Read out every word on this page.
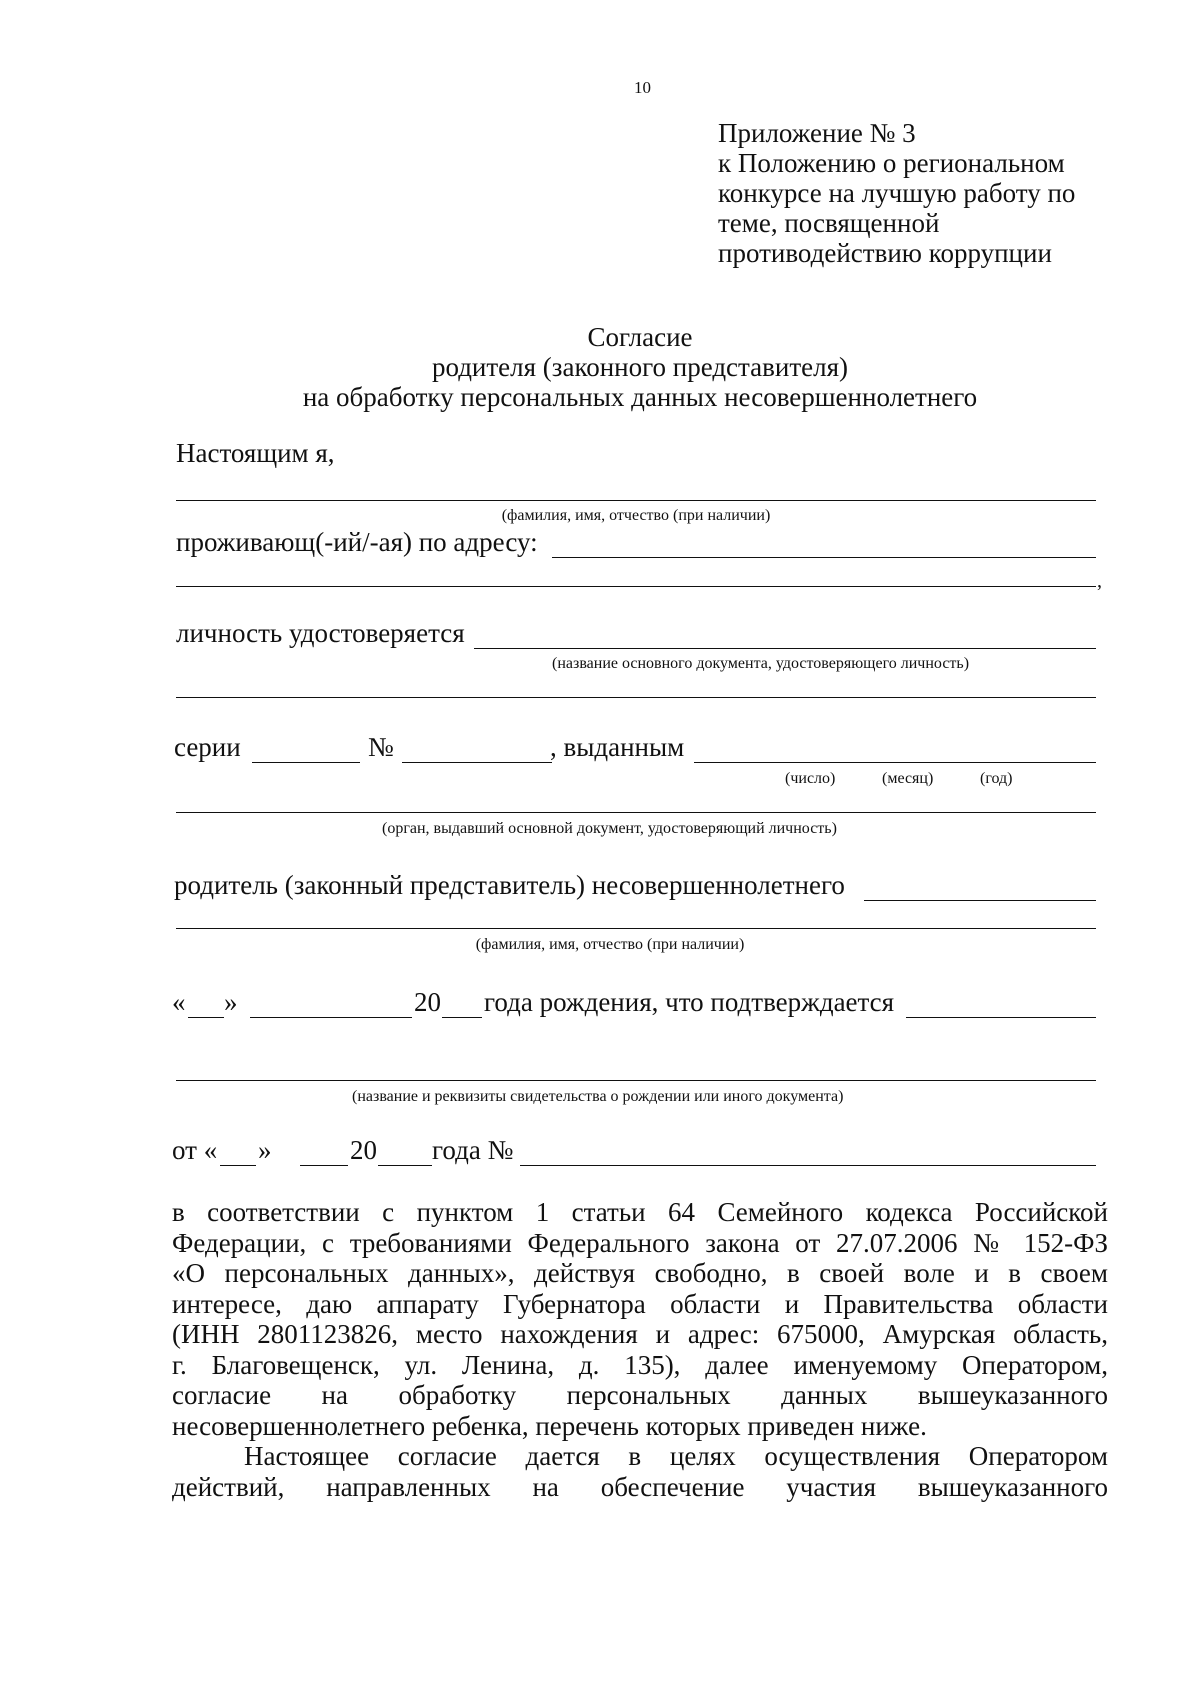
10
Приложение № 3
к Положению о региональном
конкурсе на лучшую работу по
теме, посвященной
противодействию коррупции
Согласие
родителя (законного представителя)
на обработку персональных данных несовершеннолетнего
Настоящим я,
(фамилия, имя, отчество (при наличии)
проживающ(-ий/-ая) по адресу:
,
личность удостоверяется
(название основного документа, удостоверяющего личность)
серии	№	, выданным
(число)	(месяц)	(год)
(орган, выдавший основной документ, удостоверяющий личность)
родитель (законный представитель) несовершеннолетнего
(фамилия, имя, отчество (при наличии)
« »	20 года рождения, что подтверждается
(название и реквизиты свидетельства о рождении или иного документа)
от « »	20 года №
в соответствии с пунктом 1 статьи 64 Семейного кодекса Российской
Федерации, с требованиями Федерального закона от 27.07.2006 № 152-ФЗ
«О персональных данных», действуя свободно, в своей воле и в своем
интересе, даю аппарату Губернатора области и Правительства области
(ИНН 2801123826, место нахождения и адрес: 675000, Амурская область,
г. Благовещенск, ул. Ленина, д. 135), далее именуемому Оператором,
согласие на обработку персональных данных вышеуказанного
несовершеннолетнего ребенка, перечень которых приведен ниже.
Настоящее согласие дается в целях осуществления Оператором
действий, направленных на обеспечение участия вышеуказанного
